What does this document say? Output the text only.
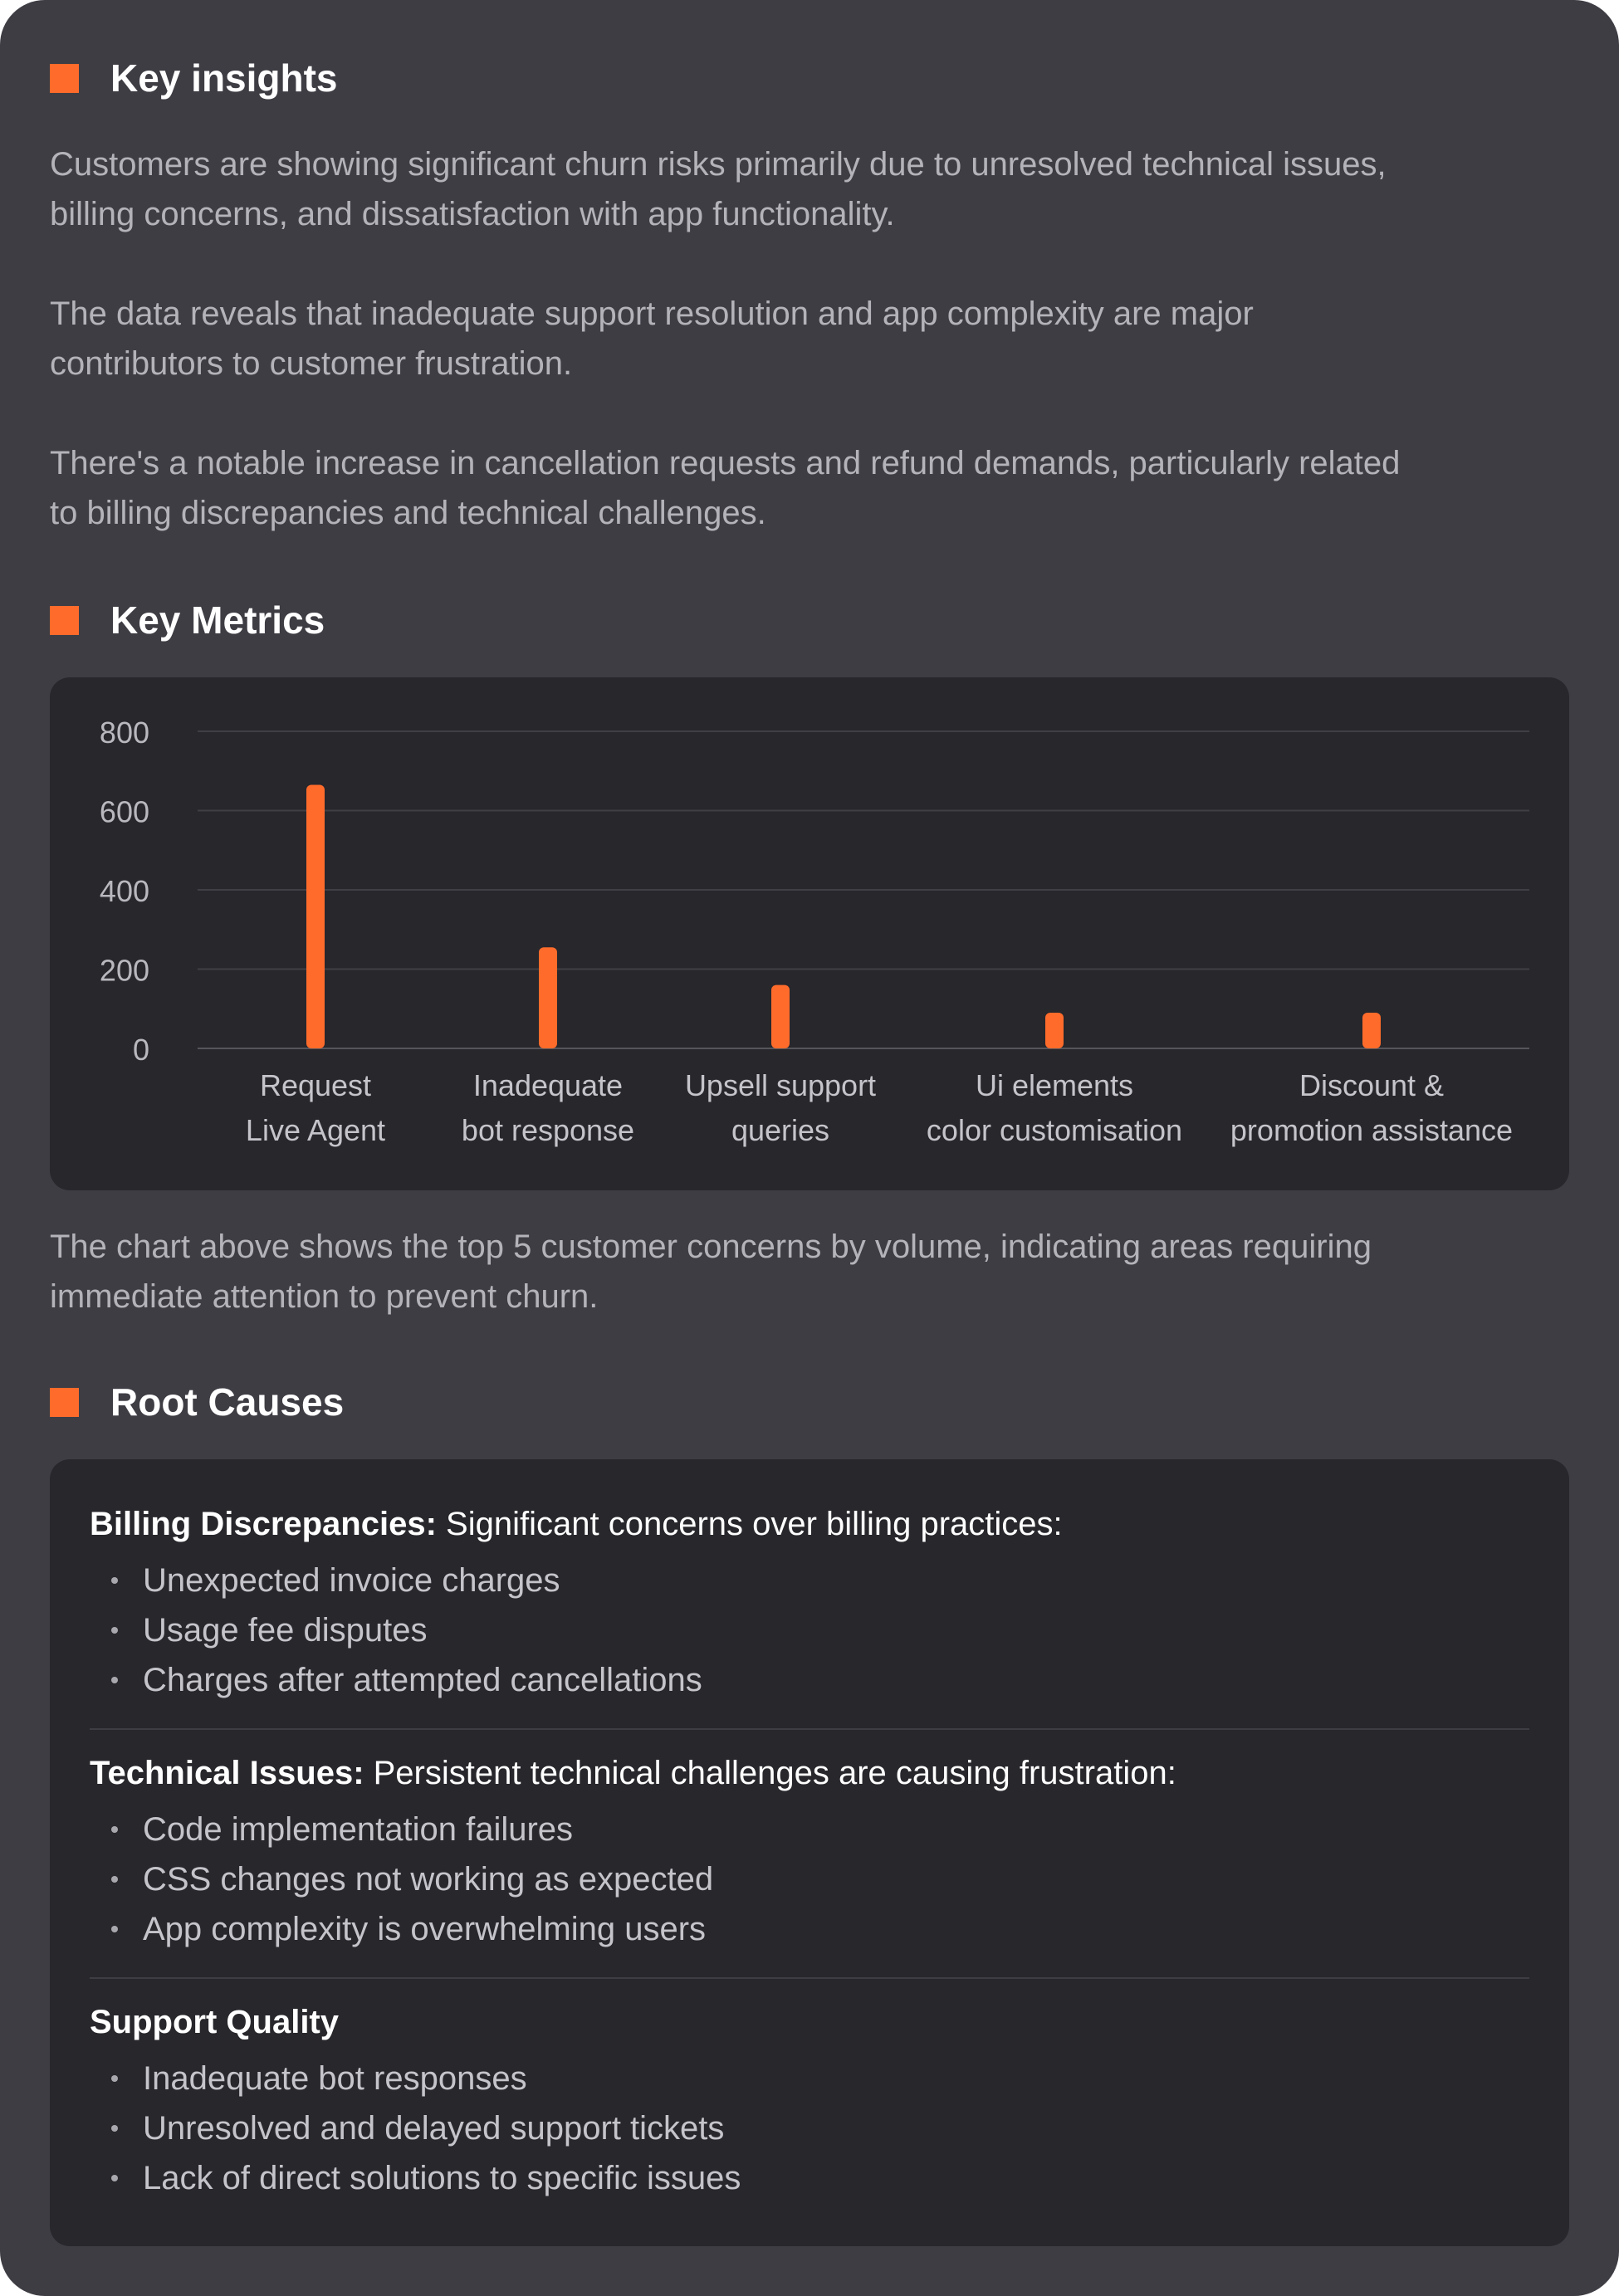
Key insights
Customers are showing significant churn risks primarily due to unresolved technical issues,
billing concerns, and dissatisfaction with app functionality.
The data reveals that inadequate support resolution and app complexity are major
contributors to customer frustration.
There's a notable increase in cancellation requests and refund demands, particularly related
to billing discrepancies and technical challenges.
Key Metrics
0
200
400
600
800
Request
Live Agent
Inadequate
bot response
Upsell support
queries
Ui elements
color customisation
Discount &
promotion assistance
The chart above shows the top 5 customer concerns by volume, indicating areas requiring
immediate attention to prevent churn.
Root Causes
Billing Discrepancies: Significant concerns over billing practices:
Unexpected invoice charges
Usage fee disputes
Charges after attempted cancellations
Technical Issues: Persistent technical challenges are causing frustration:
Code implementation failures
CSS changes not working as expected
App complexity is overwhelming users
Support Quality
Inadequate bot responses
Unresolved and delayed support tickets
Lack of direct solutions to specific issues
